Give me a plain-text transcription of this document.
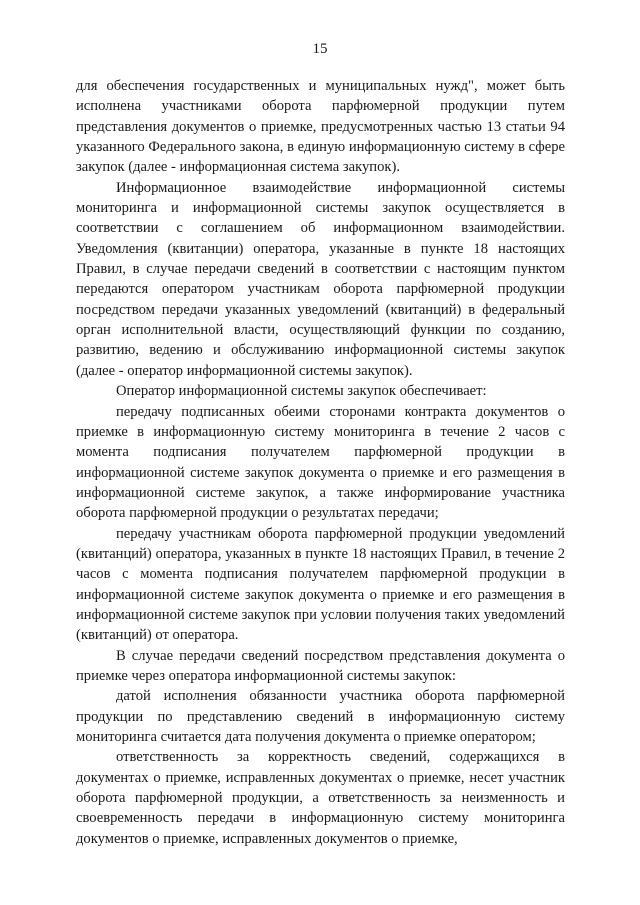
15

для обеспечения государственных и муниципальных нужд", может быть исполнена участниками оборота парфюмерной продукции путем представления документов о приемке, предусмотренных частью 13 статьи 94 указанного Федерального закона, в единую информационную систему в сфере закупок (далее - информационная система закупок).

Информационное взаимодействие информационной системы мониторинга и информационной системы закупок осуществляется в соответствии с соглашением об информационном взаимодействии. Уведомления (квитанции) оператора, указанные в пункте 18 настоящих Правил, в случае передачи сведений в соответствии с настоящим пунктом передаются оператором участникам оборота парфюмерной продукции посредством передачи указанных уведомлений (квитанций) в федеральный орган исполнительной власти, осуществляющий функции по созданию, развитию, ведению и обслуживанию информационной системы закупок (далее - оператор информационной системы закупок).

Оператор информационной системы закупок обеспечивает:

передачу подписанных обеими сторонами контракта документов о приемке в информационную систему мониторинга в течение 2 часов с момента подписания получателем парфюмерной продукции в информационной системе закупок документа о приемке и его размещения в информационной системе закупок, а также информирование участника оборота парфюмерной продукции о результатах передачи;

передачу участникам оборота парфюмерной продукции уведомлений (квитанций) оператора, указанных в пункте 18 настоящих Правил, в течение 2 часов с момента подписания получателем парфюмерной продукции в информационной системе закупок документа о приемке и его размещения в информационной системе закупок при условии получения таких уведомлений (квитанций) от оператора.

В случае передачи сведений посредством представления документа о приемке через оператора информационной системы закупок:

датой исполнения обязанности участника оборота парфюмерной продукции по представлению сведений в информационную систему мониторинга считается дата получения документа о приемке оператором;

ответственность за корректность сведений, содержащихся в документах о приемке, исправленных документах о приемке, несет участник оборота парфюмерной продукции, а ответственность за неизменность и своевременность передачи в информационную систему мониторинга документов о приемке, исправленных документов о приемке,
